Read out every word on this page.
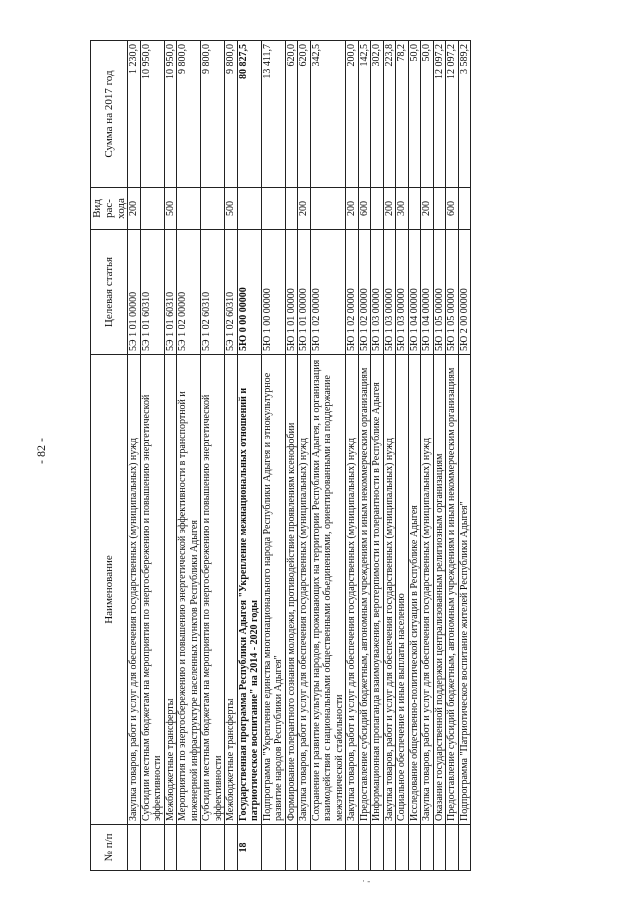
- 82 -
№ п/п	Наименование	Целевая статья	Вид рас-хода	Сумма на 2017 год
	Закупка товаров, работ и услуг для обеспечения государственных (муниципальных) нужд	5Э 1 01 00000	200	1 230,0
	Субсидии местным бюджетам на мероприятия по энергосбережению и повышению энергетической эффективности	5Э 1 01 60310		10 950,0
	Межбюджетные трансферты	5Э 1 01 60310	500	10 950,0
	Мероприятия по энергосбережению и повышению энергетической эффективности в транспортной и инженерной инфраструктуре населенных пунктов Республики Адыгея	5Э 1 02 00000		9 800,0
	Субсидии местным бюджетам на мероприятия по энергосбережению и повышению энергетической эффективности	5Э 1 02 60310		9 800,0
	Межбюджетные трансферты	5Э 1 02 60310	500	9 800,0
18	Государственная программа Республики Адыгея "Укрепление межнациональных отношений и патриотическое воспитание" на 2014 - 2020 годы	5Ю 0 00 00000		80 827,5
	Подпрограмма "Укрепление единства многонационального народа Республики Адыгея и этнокультурное развитие народов Республики Адыгея"	5Ю 1 00 00000		13 411,7
	Формирование толерантного сознания молодежи, противодействие проявлениям ксенофобии	5Ю 1 01 00000		620,0
	Закупка товаров, работ и услуг для обеспечения государственных (муниципальных) нужд	5Ю 1 01 00000	200	620,0
	Сохранение и развитие культуры народов, проживающих на территории Республики Адыгея, и организация взаимодействия с национальными общественными объединениями, ориентированными на поддержание межэтнической стабильности	5Ю 1 02 00000		342,5
	Закупка товаров, работ и услуг для обеспечения государственных (муниципальных) нужд	5Ю 1 02 00000	200	200,0
	Предоставление субсидий бюджетным, автономным учреждениям и иным некоммерческим организациям	5Ю 1 02 00000	600	142,5
	Информационная пропаганда взаимоуважения, веротерпимости и толерантности в Республике Адыгея	5Ю 1 03 00000		302,0
	Закупка товаров, работ и услуг для обеспечения государственных (муниципальных) нужд	5Ю 1 03 00000	200	223,8
	Социальное обеспечение и иные выплаты населению	5Ю 1 03 00000	300	78,2
	Исследование общественно-политической ситуации в Республике Адыгея	5Ю 1 04 00000		50,0
	Закупка товаров, работ и услуг для обеспечения государственных (муниципальных) нужд	5Ю 1 04 00000	200	50,0
	Оказание государственной поддержки централизованным религиозным организациям	5Ю 1 05 00000		12 097,2
	Предоставление субсидий бюджетным, автономным учреждениям и иным некоммерческим организациям	5Ю 1 05 00000	600	12 097,2
	Подпрограмма "Патриотическое воспитание жителей Республики Адыгея"	5Ю 2 00 00000		3 589,2
· -
